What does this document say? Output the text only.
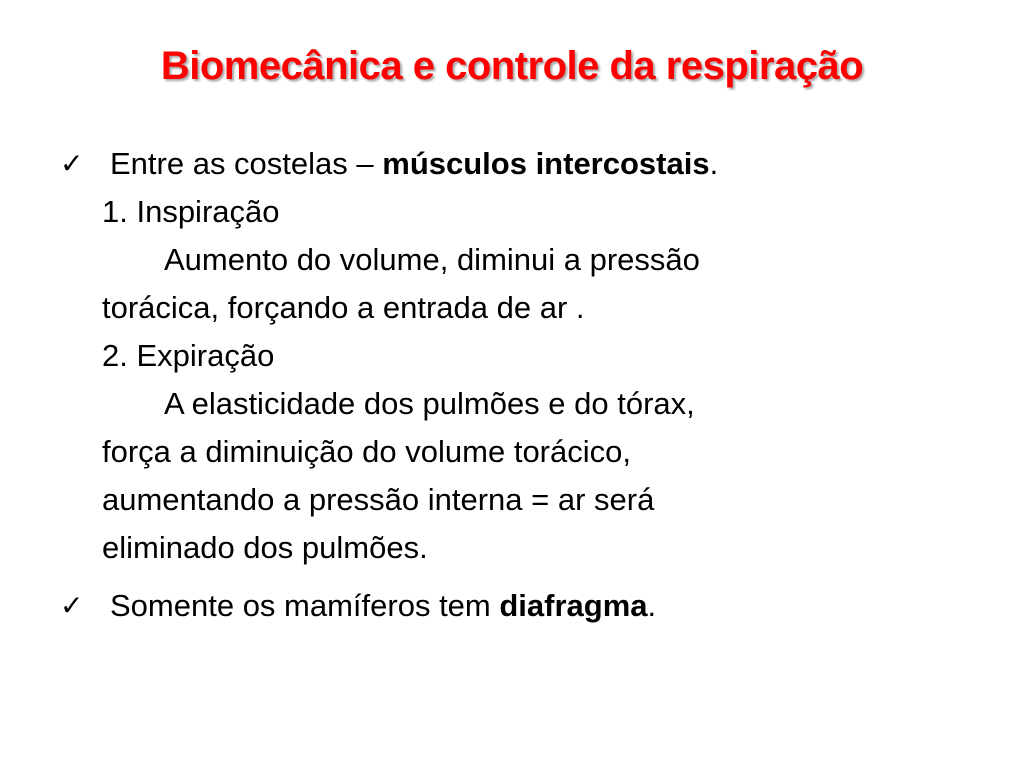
Biomecânica e controle da respiração
✓ Entre as costelas – músculos intercostais.
1. Inspiração
Aumento do volume, diminui a pressão
torácica, forçando a entrada de ar .
2. Expiração
A elasticidade dos pulmões e do tórax,
força a diminuição do volume torácico,
aumentando a pressão interna = ar será
eliminado dos pulmões.
✓ Somente os mamíferos tem diafragma.
